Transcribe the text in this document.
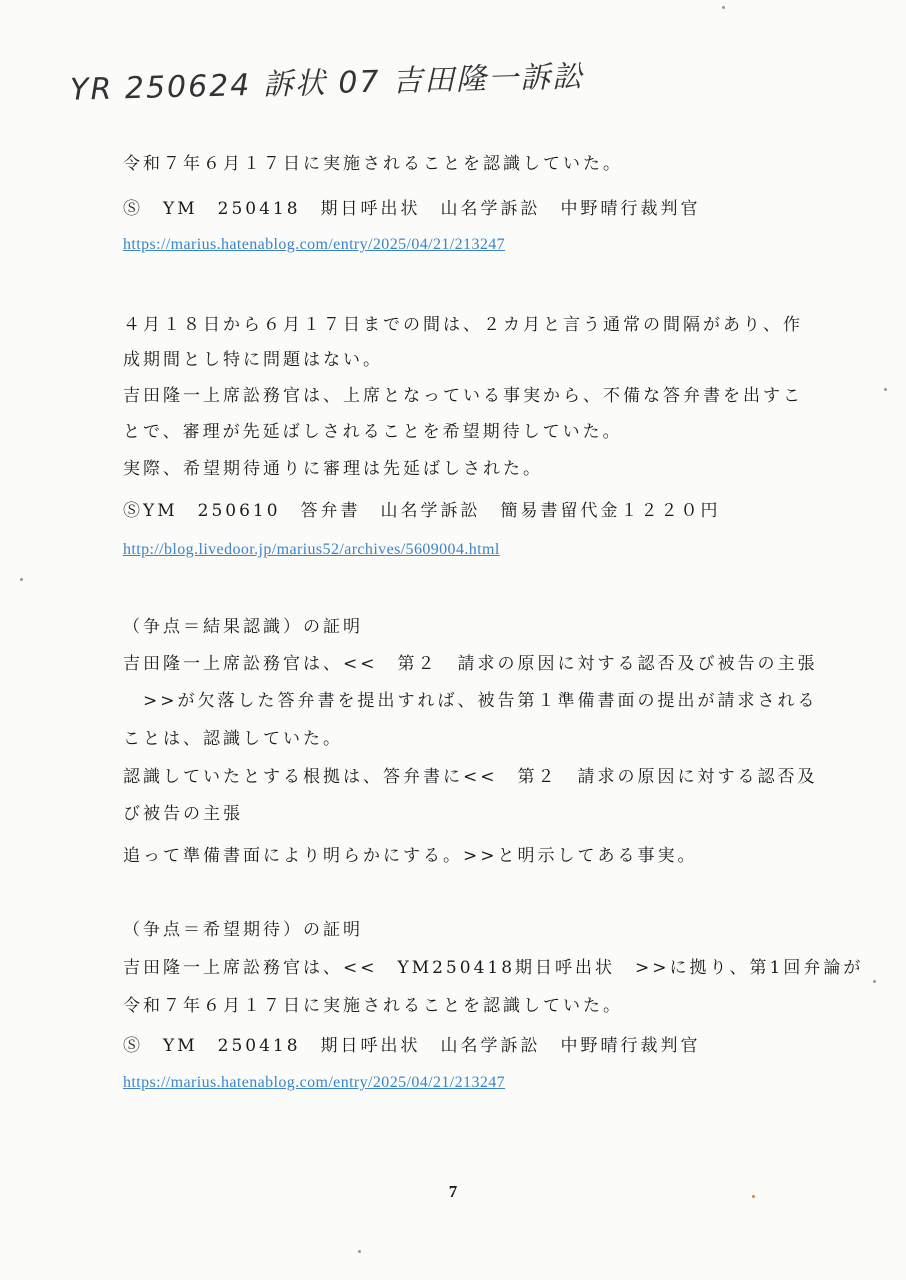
YR 250624 訴状 07 吉田隆一訴訟
令和７年６月１７日に実施されることを認識していた。
Ⓢ　YM　250418　期日呼出状　山名学訴訟　中野晴行裁判官
https://marius.hatenablog.com/entry/2025/04/21/213247
４月１８日から６月１７日までの間は、２カ月と言う通常の間隔があり、作
成期間とし特に問題はない。
吉田隆一上席訟務官は、上席となっている事実から、不備な答弁書を出すこ
とで、審理が先延ばしされることを希望期待していた。
実際、希望期待通りに審理は先延ばしされた。
ⓈYM　250610　答弁書　山名学訴訟　簡易書留代金１２２０円
http://blog.livedoor.jp/marius52/archives/5609004.html
（争点＝結果認識）の証明
吉田隆一上席訟務官は、<<　第２　請求の原因に対する認否及び被告の主張
　>>が欠落した答弁書を提出すれば、被告第１準備書面の提出が請求される
ことは、認識していた。
認識していたとする根拠は、答弁書に<<　第２　請求の原因に対する認否及
び被告の主張
追って準備書面により明らかにする。>>と明示してある事実。
（争点＝希望期待）の証明
吉田隆一上席訟務官は、<<　YM250418期日呼出状　>>に拠り、第1回弁論が
令和７年６月１７日に実施されることを認識していた。
Ⓢ　YM　250418　期日呼出状　山名学訴訟　中野晴行裁判官
https://marius.hatenablog.com/entry/2025/04/21/213247
7
